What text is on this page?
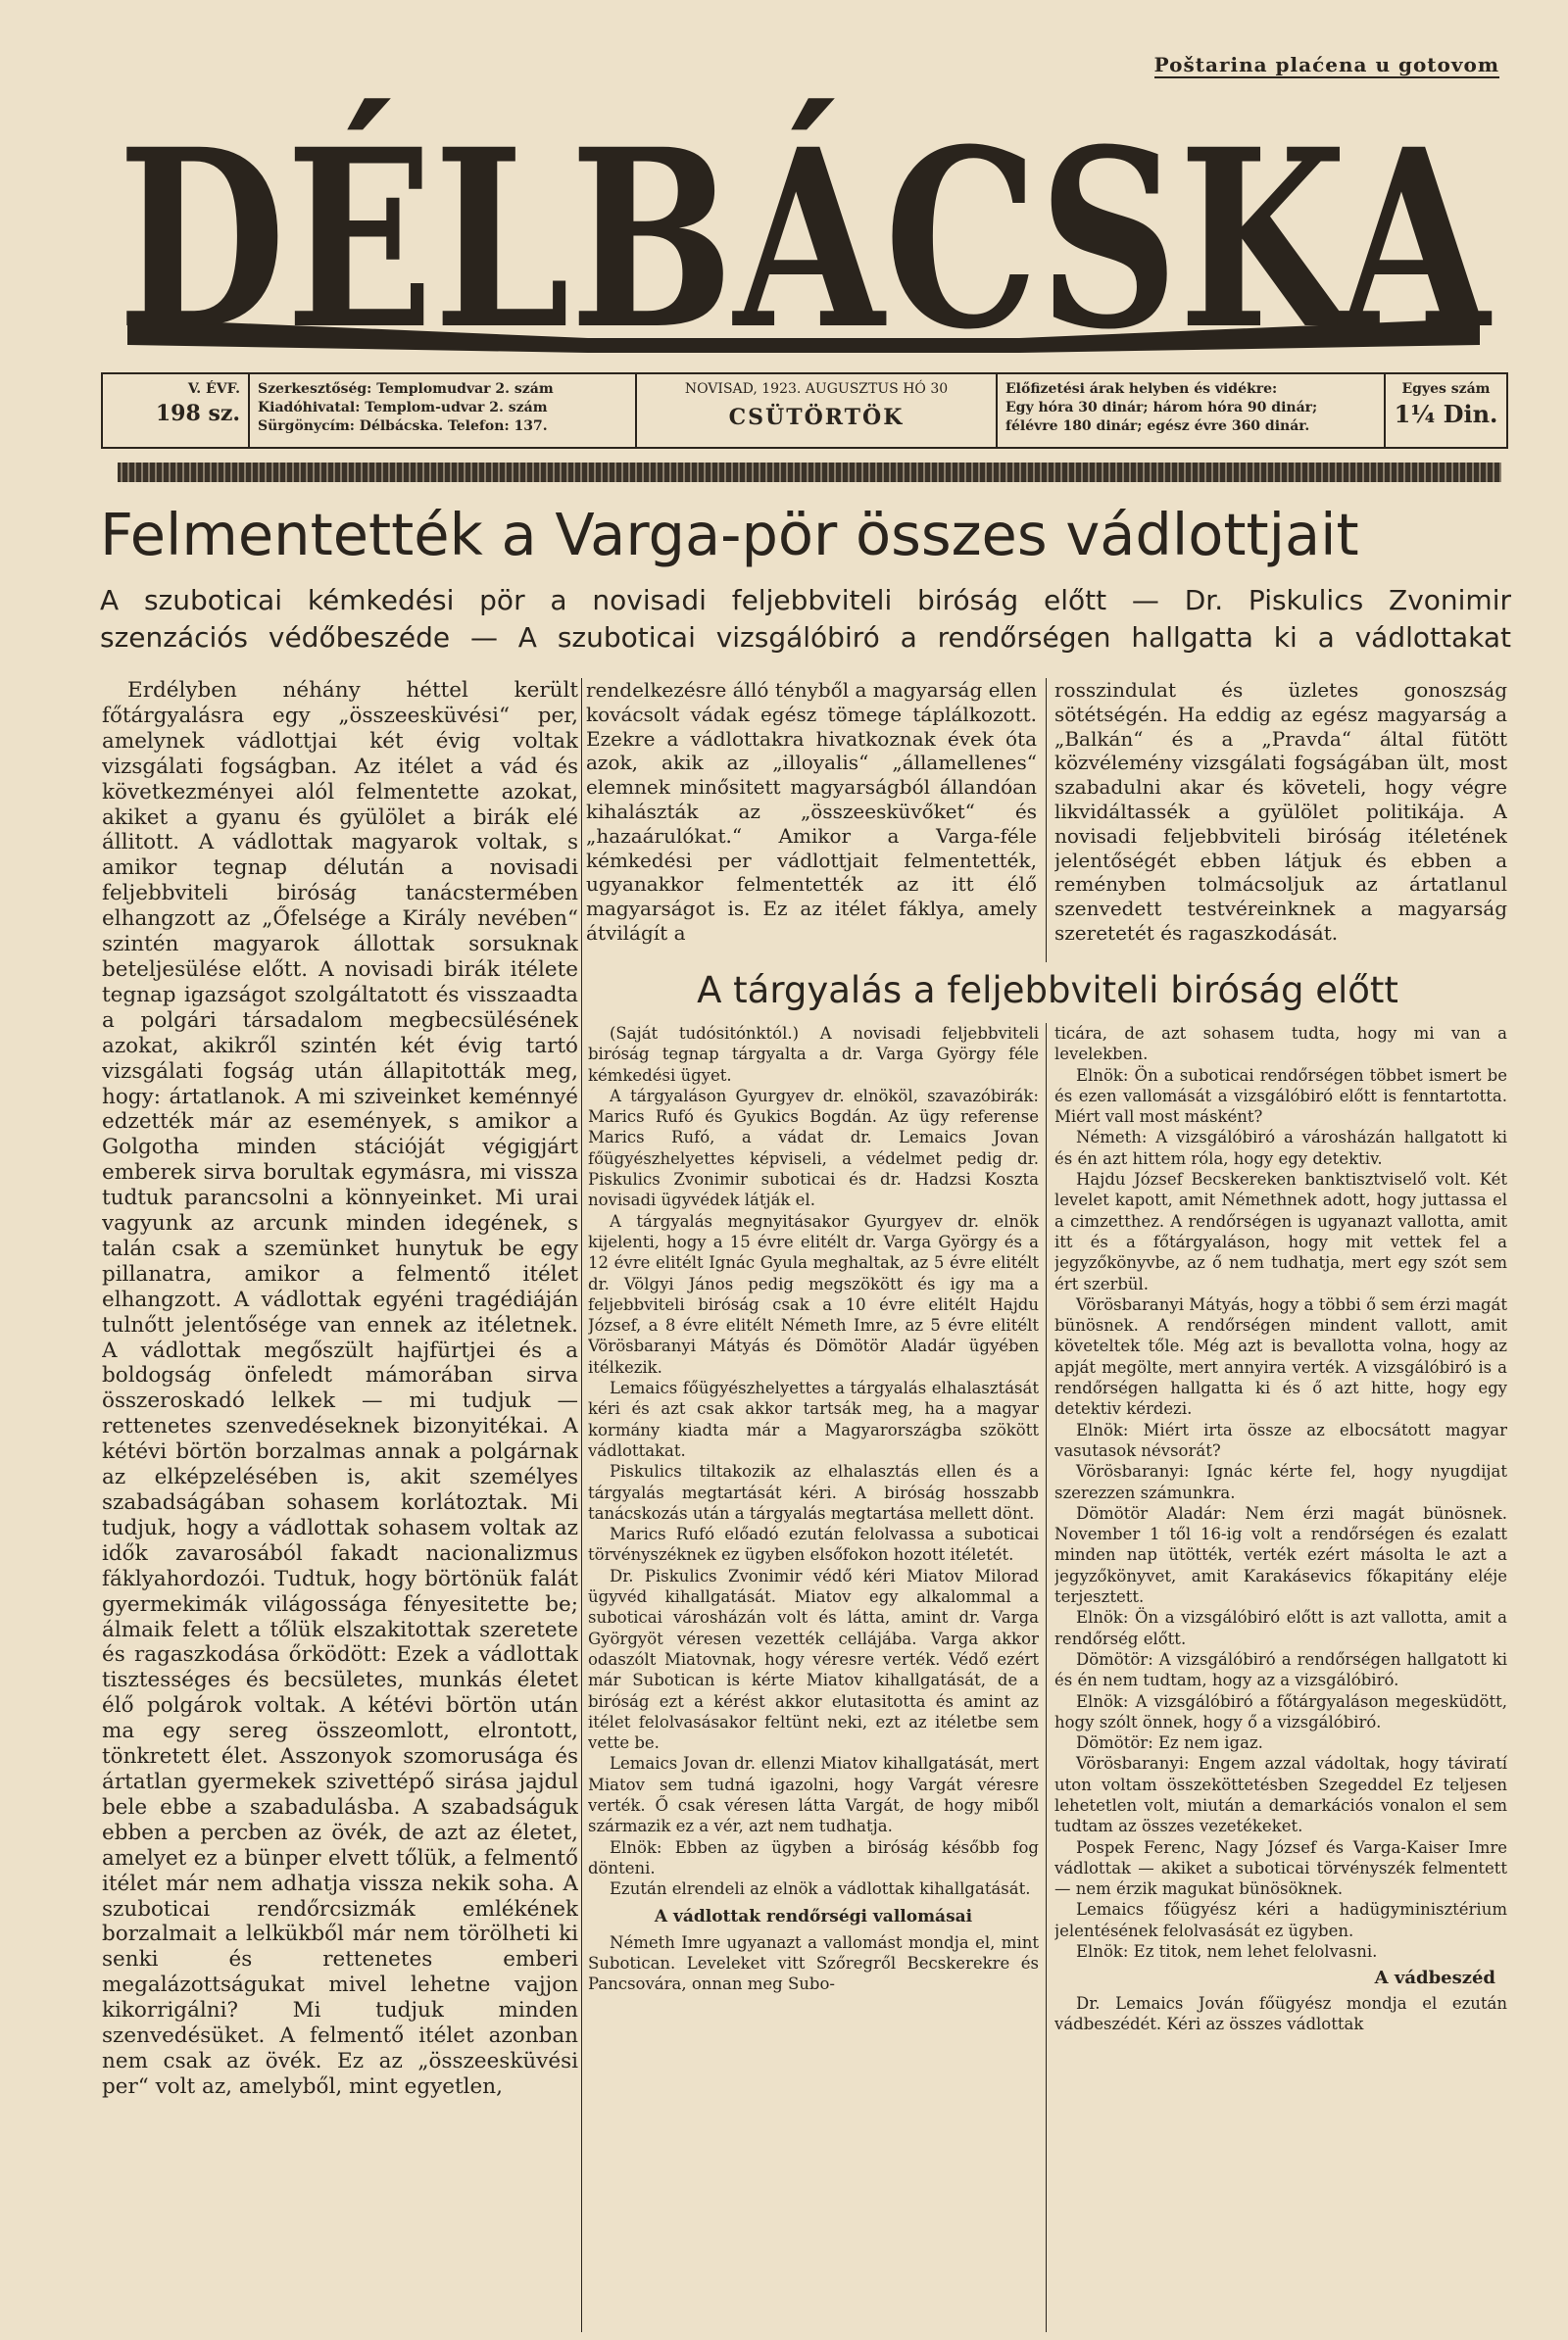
Poštarina plaćena u gotovom
DÉLBÁCSKA
V. ÉVF.
198 sz.
Szerkesztőség: Templomudvar 2. szám
Kiadóhivatal: Templom-udvar 2. szám
Sürgönycím: Délbácska. Telefon: 137.
NOVISAD, 1923. AUGUSZTUS HÓ 30
CSÜTÖRTÖK
Előfizetési árak helyben és vidékre:
Egy hóra 30 dinár; három hóra 90 dinár;
félévre 180 dinár; egész évre 360 dinár.
Egyes szám
1¼ Din.
Felmentették a Varga-pör összes vádlottjait
A szuboticai kémkedési pör a novisadi feljebbviteli biróság előtt — Dr. Piskulics Zvonimir
szenzációs védőbeszéde — A szuboticai vizsgálóbiró a rendőrségen hallgatta ki a vádlottakat

Erdélyben néhány héttel került főtárgyalásra egy „összeesküvési“ per, amelynek vádlottjai két évig voltak vizsgálati fogságban. Az itélet a vád és következményei alól felmentette azokat, akiket a gyanu és gyülölet a birák elé állitott. A vádlottak magyarok voltak, s amikor tegnap délután a novisadi feljebbviteli biróság tanácstermében elhangzott az „Őfelsége a Király nevében“ szintén magyarok állottak sorsuknak beteljesülése előtt. A novisadi birák itélete tegnap igazságot szolgáltatott és visszaadta a polgári társadalom megbecsülésének azokat, akikről szintén két évig tartó vizsgálati fogság után állapitották meg, hogy: ártatlanok. A mi sziveinket keménnyé edzették már az események, s amikor a Golgotha minden stációját végigjárt emberek sirva borultak egymásra, mi vissza tudtuk parancsolni a könnyeinket. Mi urai vagyunk az arcunk minden idegének, s talán csak a szemünket hunytuk be egy pillanatra, amikor a felmentő itélet elhangzott. A vádlottak egyéni tragédiáján tulnőtt jelentősége van ennek az itéletnek. A vádlottak megőszült hajfürtjei és a boldogság önfeledt mámorában sirva összeroskadó lelkek — mi tudjuk — rettenetes szenvedéseknek bizonyitékai. A kétévi börtön borzalmas annak a polgárnak az elképzelésében is, akit személyes szabadságában sohasem korlátoztak. Mi tudjuk, hogy a vádlottak sohasem voltak az idők zavarosából fakadt nacionalizmus fáklyahordozói. Tudtuk, hogy börtönük falát gyermekimák világossága fényesitette be; álmaik felett a tőlük elszakitottak szeretete és ragaszkodása őrködött: Ezek a vádlottak tisztességes és becsületes, munkás életet élő polgárok voltak. A kétévi börtön után ma egy sereg összeomlott, elrontott, tönkretett élet. Asszonyok szomorusága és ártatlan gyermekek szivettépő sirása jajdul bele ebbe a szabadulásba. A szabadságuk ebben a percben az övék, de azt az életet, amelyet ez a bünper elvett tőlük, a felmentő itélet már nem adhatja vissza nekik soha. A szuboticai rendőrcsizmák emlékének borzalmait a lelkükből már nem törölheti ki senki és rettenetes emberi megalázottságukat mivel lehetne vajjon kikorrigálni? Mi tudjuk minden szenvedésüket. A felmentő itélet azonban nem csak az övék. Ez az „összeesküvési per“ volt az, amelyből, mint egyetlen,

rendelkezésre álló tényből a magyarság ellen kovácsolt vádak egész tömege táplálkozott. Ezekre a vádlottakra hivatkoznak évek óta azok, akik az „illoyalis“ „államellenes“ elemnek minősitett magyarságból állandóan kihalászták az „összeesküvőket“ és „hazaárulókat.“ Amikor a Varga-féle kémkedési per vádlottjait felmentették, ugyanakkor felmentették az itt élő magyarságot is. Ez az itélet fáklya, amely átvilágít a

rosszindulat és üzletes gonoszság sötétségén. Ha eddig az egész magyarság a „Balkán“ és a „Pravda“ által fütött közvélemény vizsgálati fogságában ült, most szabadulni akar és követeli, hogy végre likvidáltassék a gyülölet politikája. A novisadi feljebbviteli biróság itéletének jelentőségét ebben látjuk és ebben a reményben tolmácsoljuk az ártatlanul szenvedett testvéreinknek a magyarság szeretetét és ragaszkodását.

A tárgyalás a feljebbviteli biróság előtt

(Saját tudósitónktól.) A novisadi feljebbviteli biróság tegnap tárgyalta a dr. Varga György féle kémkedési ügyet.

A tárgyaláson Gyurgyev dr. elnököl, szavazóbirák: Marics Rufó és Gyukics Bogdán. Az ügy referense Marics Rufó, a vádat dr. Lemaics Jovan főügyészhelyettes képviseli, a védelmet pedig dr. Piskulics Zvonimir suboticai és dr. Hadzsi Koszta novisadi ügyvédek látják el.

A tárgyalás megnyitásakor Gyurgyev dr. elnök kijelenti, hogy a 15 évre elitélt dr. Varga György és a 12 évre elitélt Ignác Gyula meghaltak, az 5 évre elitélt dr. Völgyi János pedig megszökött és igy ma a feljebbviteli biróság csak a 10 évre elitélt Hajdu József, a 8 évre elitélt Németh Imre, az 5 évre elitélt Vörösbaranyi Mátyás és Dömötör Aladár ügyében itélkezik.

Lemaics főügyészhelyettes a tárgyalás elhalasztását kéri és azt csak akkor tartsák meg, ha a magyar kormány kiadta már a Magyarországba szökött vádlottakat.

Piskulics tiltakozik az elhalasztás ellen és a tárgyalás megtartását kéri. A biróság hosszabb tanácskozás után a tárgyalás megtartása mellett dönt.

Marics Rufó előadó ezután felolvassa a suboticai törvényszéknek ez ügyben elsőfokon hozott itéletét.

Dr. Piskulics Zvonimir védő kéri Miatov Milorad ügyvéd kihallgatását. Miatov egy alkalommal a suboticai városházán volt és látta, amint dr. Varga Györgyöt véresen vezették cellájába. Varga akkor odaszólt Miatovnak, hogy véresre verték. Védő ezért már Subotican is kérte Miatov kihallgatását, de a biróság ezt a kérést akkor elutasitotta és amint az itélet felolvasásakor feltünt neki, ezt az itéletbe sem vette be.

Lemaics Jovan dr. ellenzi Miatov kihallgatását, mert Miatov sem tudná igazolni, hogy Vargát véresre verték. Ő csak véresen látta Vargát, de hogy miből származik ez a vér, azt nem tudhatja.

Elnök: Ebben az ügyben a biróság később fog dönteni.

Ezután elrendeli az elnök a vádlottak kihallgatását.

A vádlottak rendőrségi vallomásai

Németh Imre ugyanazt a vallomást mondja el, mint Subotican. Leveleket vitt Szőregről Becskerekre és Pancsovára, onnan meg Subo-

ticára, de azt sohasem tudta, hogy mi van a levelekben.

Elnök: Ön a suboticai rendőrségen többet ismert be és ezen vallomását a vizsgálóbiró előtt is fenntartotta. Miért vall most másként?

Németh: A vizsgálóbiró a városházán hallgatott ki és én azt hittem róla, hogy egy detektiv.

Hajdu József Becskereken banktisztviselő volt. Két levelet kapott, amit Némethnek adott, hogy juttassa el a cimzetthez. A rendőrségen is ugyanazt vallotta, amit itt és a főtárgyaláson, hogy mit vettek fel a jegyzőkönyvbe, az ő nem tudhatja, mert egy szót sem ért szerbül.

Vörösbaranyi Mátyás, hogy a többi ő sem érzi magát bünösnek. A rendőrségen mindent vallott, amit követeltek tőle. Még azt is bevallotta volna, hogy az apját megölte, mert annyira verték. A vizsgálóbiró is a rendőrségen hallgatta ki és ő azt hitte, hogy egy detektiv kérdezi.

Elnök: Miért irta össze az elbocsátott magyar vasutasok névsorát?

Vörösbaranyi: Ignác kérte fel, hogy nyugdijat szerezzen számunkra.

Dömötör Aladár: Nem érzi magát bünösnek. November 1 től 16-ig volt a rendőrségen és ezalatt minden nap ütötték, verték ezért másolta le azt a jegyzőkönyvet, amit Karakásevics főkapitány eléje terjesztett.

Elnök: Ön a vizsgálóbiró előtt is azt vallotta, amit a rendőrség előtt.

Dömötör: A vizsgálóbiró a rendőrségen hallgatott ki és én nem tudtam, hogy az a vizsgálóbiró.

Elnök: A vizsgálóbiró a főtárgyaláson megesküdött, hogy szólt önnek, hogy ő a vizsgálóbiró.

Dömötör: Ez nem igaz.

Vörösbaranyi: Engem azzal vádoltak, hogy táviratí uton voltam összeköttetésben Szegeddel Ez teljesen lehetetlen volt, miután a demarkációs vonalon el sem tudtam az összes vezetékeket.

Pospek Ferenc, Nagy József és Varga-Kaiser Imre vádlottak — akiket a suboticai törvényszék felmentett — nem érzik magukat bünösöknek.

Lemaics főügyész kéri a hadügyminisztérium jelentésének felolvasását ez ügyben.

Elnök: Ez titok, nem lehet felolvasni.

A vádbeszéd

Dr. Lemaics Jován főügyész mondja el ezután vádbeszédét. Kéri az összes vádlottak
